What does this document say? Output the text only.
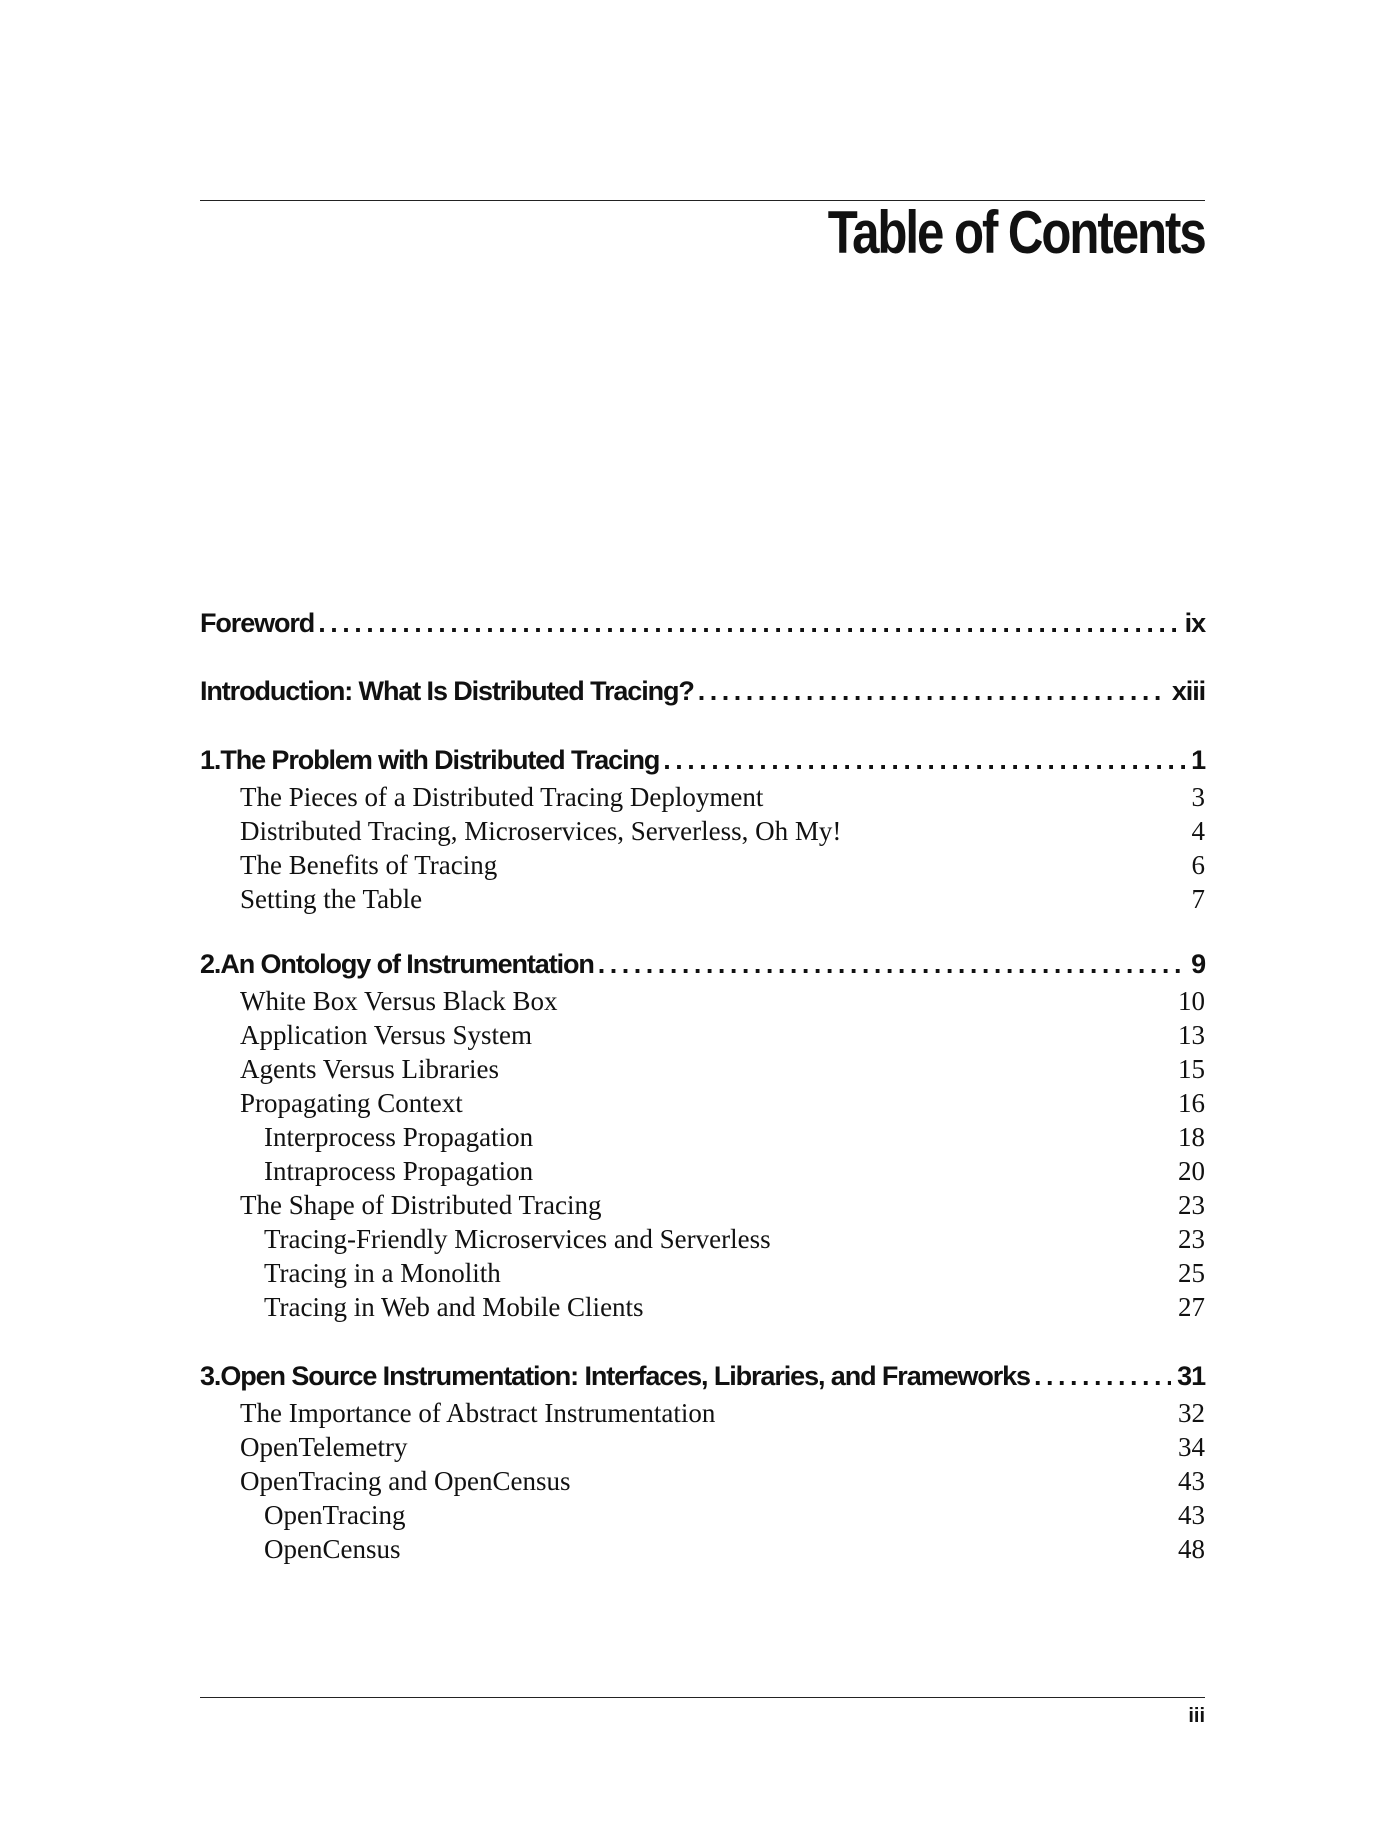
Table of Contents
Foreword . . .	ix
Introduction: What Is Distributed Tracing? . . .	xiii
1. The Problem with Distributed Tracing . . .	1
The Pieces of a Distributed Tracing Deployment	3
Distributed Tracing, Microservices, Serverless, Oh My!	4
The Benefits of Tracing	6
Setting the Table	7
2. An Ontology of Instrumentation . . .	9
White Box Versus Black Box	10
Application Versus System	13
Agents Versus Libraries	15
Propagating Context	16
Interprocess Propagation	18
Intraprocess Propagation	20
The Shape of Distributed Tracing	23
Tracing-Friendly Microservices and Serverless	23
Tracing in a Monolith	25
Tracing in Web and Mobile Clients	27
3. Open Source Instrumentation: Interfaces, Libraries, and Frameworks . . .	31
The Importance of Abstract Instrumentation	32
OpenTelemetry	34
OpenTracing and OpenCensus	43
OpenTracing	43
OpenCensus	48
iii
